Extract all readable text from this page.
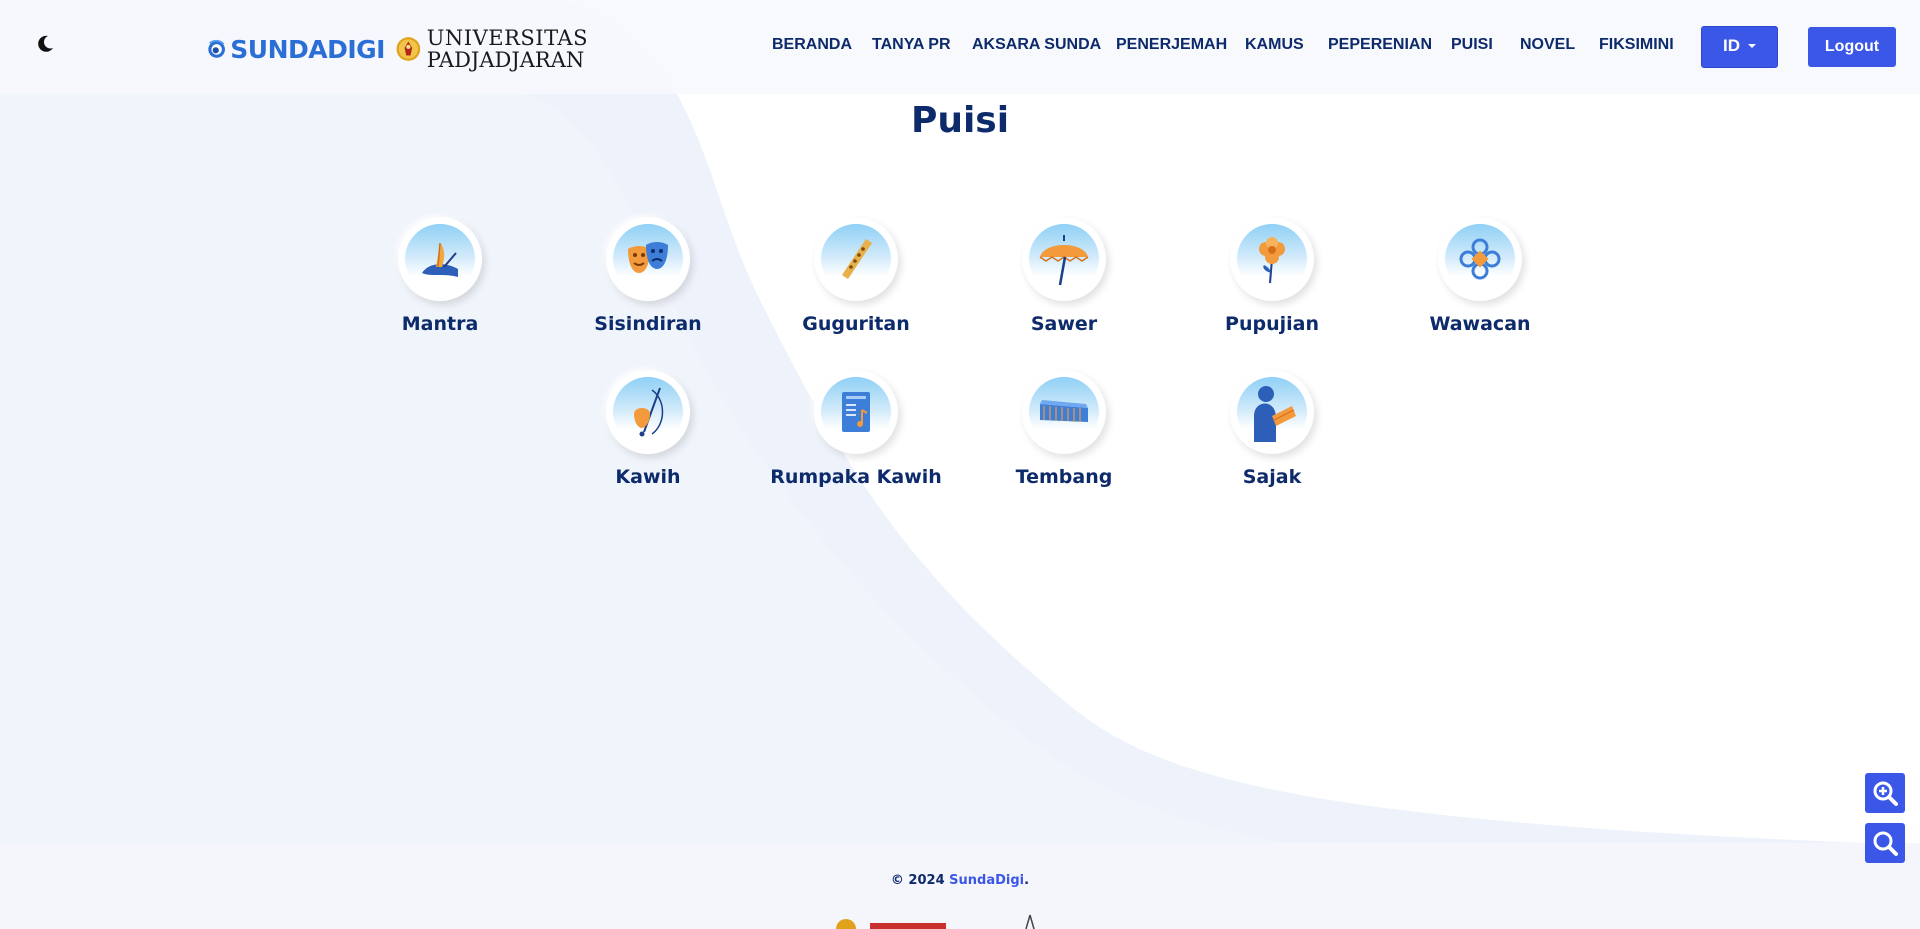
SUNDADIGI UNIVERSITAS
PADJADJARAN
BERANDA TANYA PR AKSARA SUNDA PENERJEMAH KAMUS PEPERENIAN PUISI NOVEL FIKSIMINI	ID	Logout
Puisi
Mantra	Sisindiran	Guguritan	Sawer	Pupujian	Wawacan
Kawih	Rumpaka Kawih	Tembang	Sajak
© 2024 SundaDigi.
